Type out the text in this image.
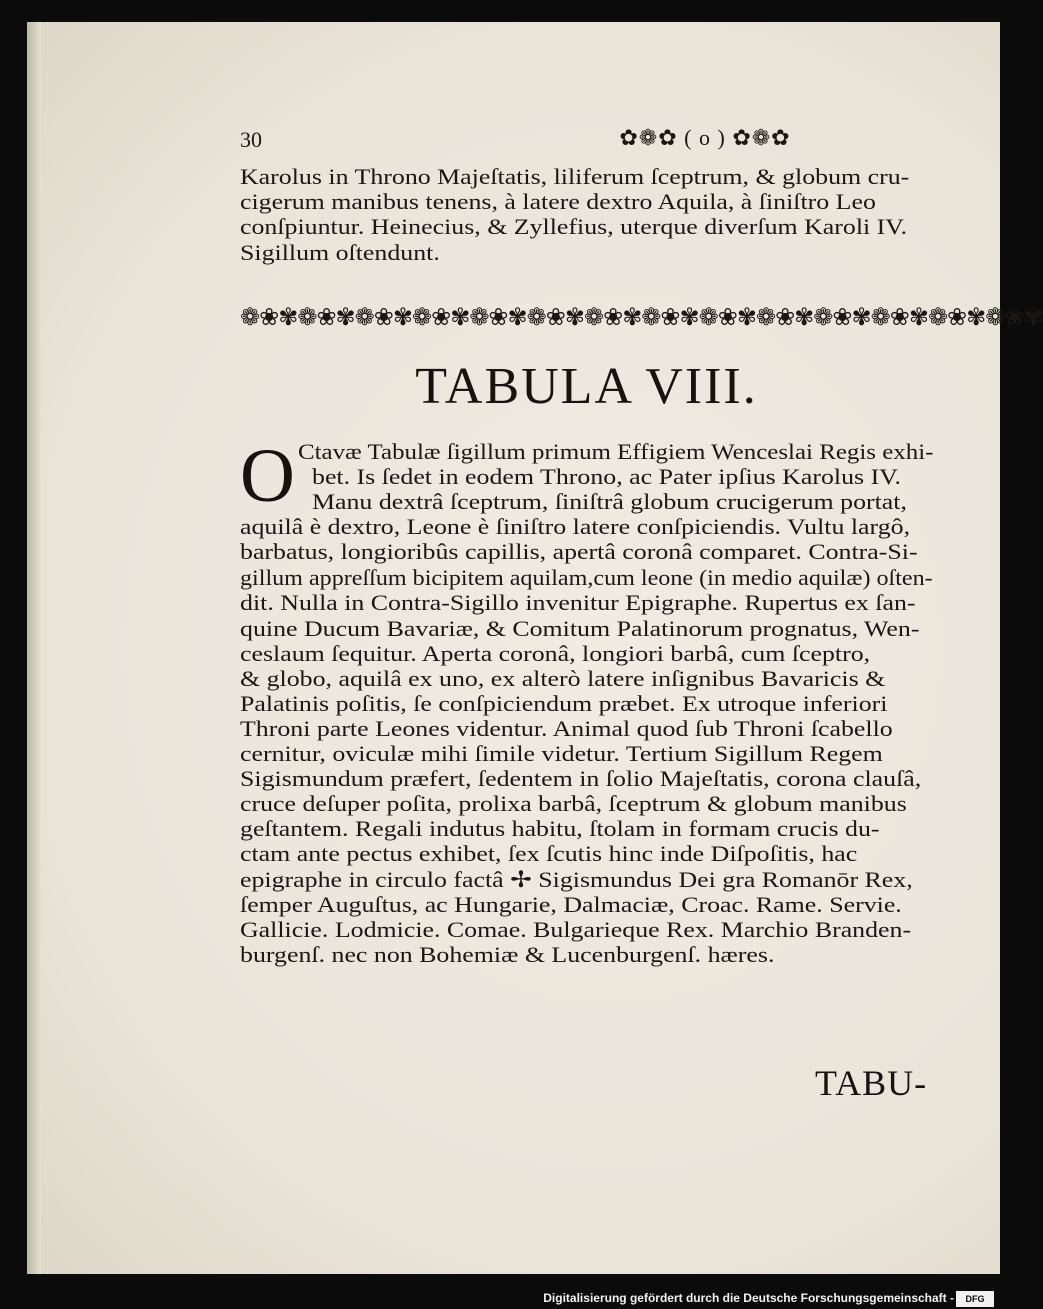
30	✿❁✿ ( o ) ✿❁✿
Karolus in Throno Majeſtatis, liliferum ſceptrum, & globum cru-
cigerum manibus tenens, à latere dextro Aquila, à ſiniſtro Leo
conſpiuntur. Heinecius, & Zyllefius, uterque diverſum Karoli IV.
Sigillum oſtendunt.
❁❀✾❁❀✾❁❀✾❁❀✾❁❀✾❁❀✾❁❀✾❁❀✾❁❀✾❁❀✾❁❀✾❁❀✾❁❀✾❁❀✾
TABULA VIII.
O Ctavæ Tabulæ ſigillum primum Effigiem Wenceslai Regis exhi-
bet. Is ſedet in eodem Throno, ac Pater ipſius Karolus IV.
Manu dextrâ ſceptrum, ſiniſtrâ globum crucigerum portat,
aquilâ è dextro, Leone è ſiniſtro latere conſpiciendis. Vultu largô,
barbatus, longioribûs capillis, apertâ coronâ comparet. Contra-Si-
gillum appreſſum bicipitem aquilam,cum leone (in medio aquilæ) oſten-
dit. Nulla in Contra-Sigillo invenitur Epigraphe. Rupertus ex ſan-
quine Ducum Bavariæ, & Comitum Palatinorum prognatus, Wen-
ceslaum ſequitur. Aperta coronâ, longiori barbâ, cum ſceptro,
& globo, aquilâ ex uno, ex alterò latere inſignibus Bavaricis &
Palatinis poſitis, ſe conſpiciendum præbet. Ex utroque inferiori
Throni parte Leones videntur. Animal quod ſub Throni ſcabello
cernitur, oviculæ mihi ſimile videtur. Tertium Sigillum Regem
Sigismundum præfert, ſedentem in ſolio Majeſtatis, corona clauſâ,
cruce deſuper poſita, prolixa barbâ, ſceptrum & globum manibus
geſtantem. Regali indutus habitu, ſtolam in formam crucis du-
ctam ante pectus exhibet, ſex ſcutis hinc inde Diſpoſitis, hac
epigraphe in circulo factâ ✢ Sigismundus Dei gra Romanōr Rex,
ſemper Auguſtus, ac Hungarie, Dalmaciæ, Croac. Rame. Servie.
Gallicie. Lodmicie. Comae. Bulgarieque Rex. Marchio Branden-
burgenſ. nec non Bohemiæ & Lucenburgenſ. hæres.
TABU-
Digitalisierung gefördert durch die Deutsche Forschungsgemeinschaft -	DFG
